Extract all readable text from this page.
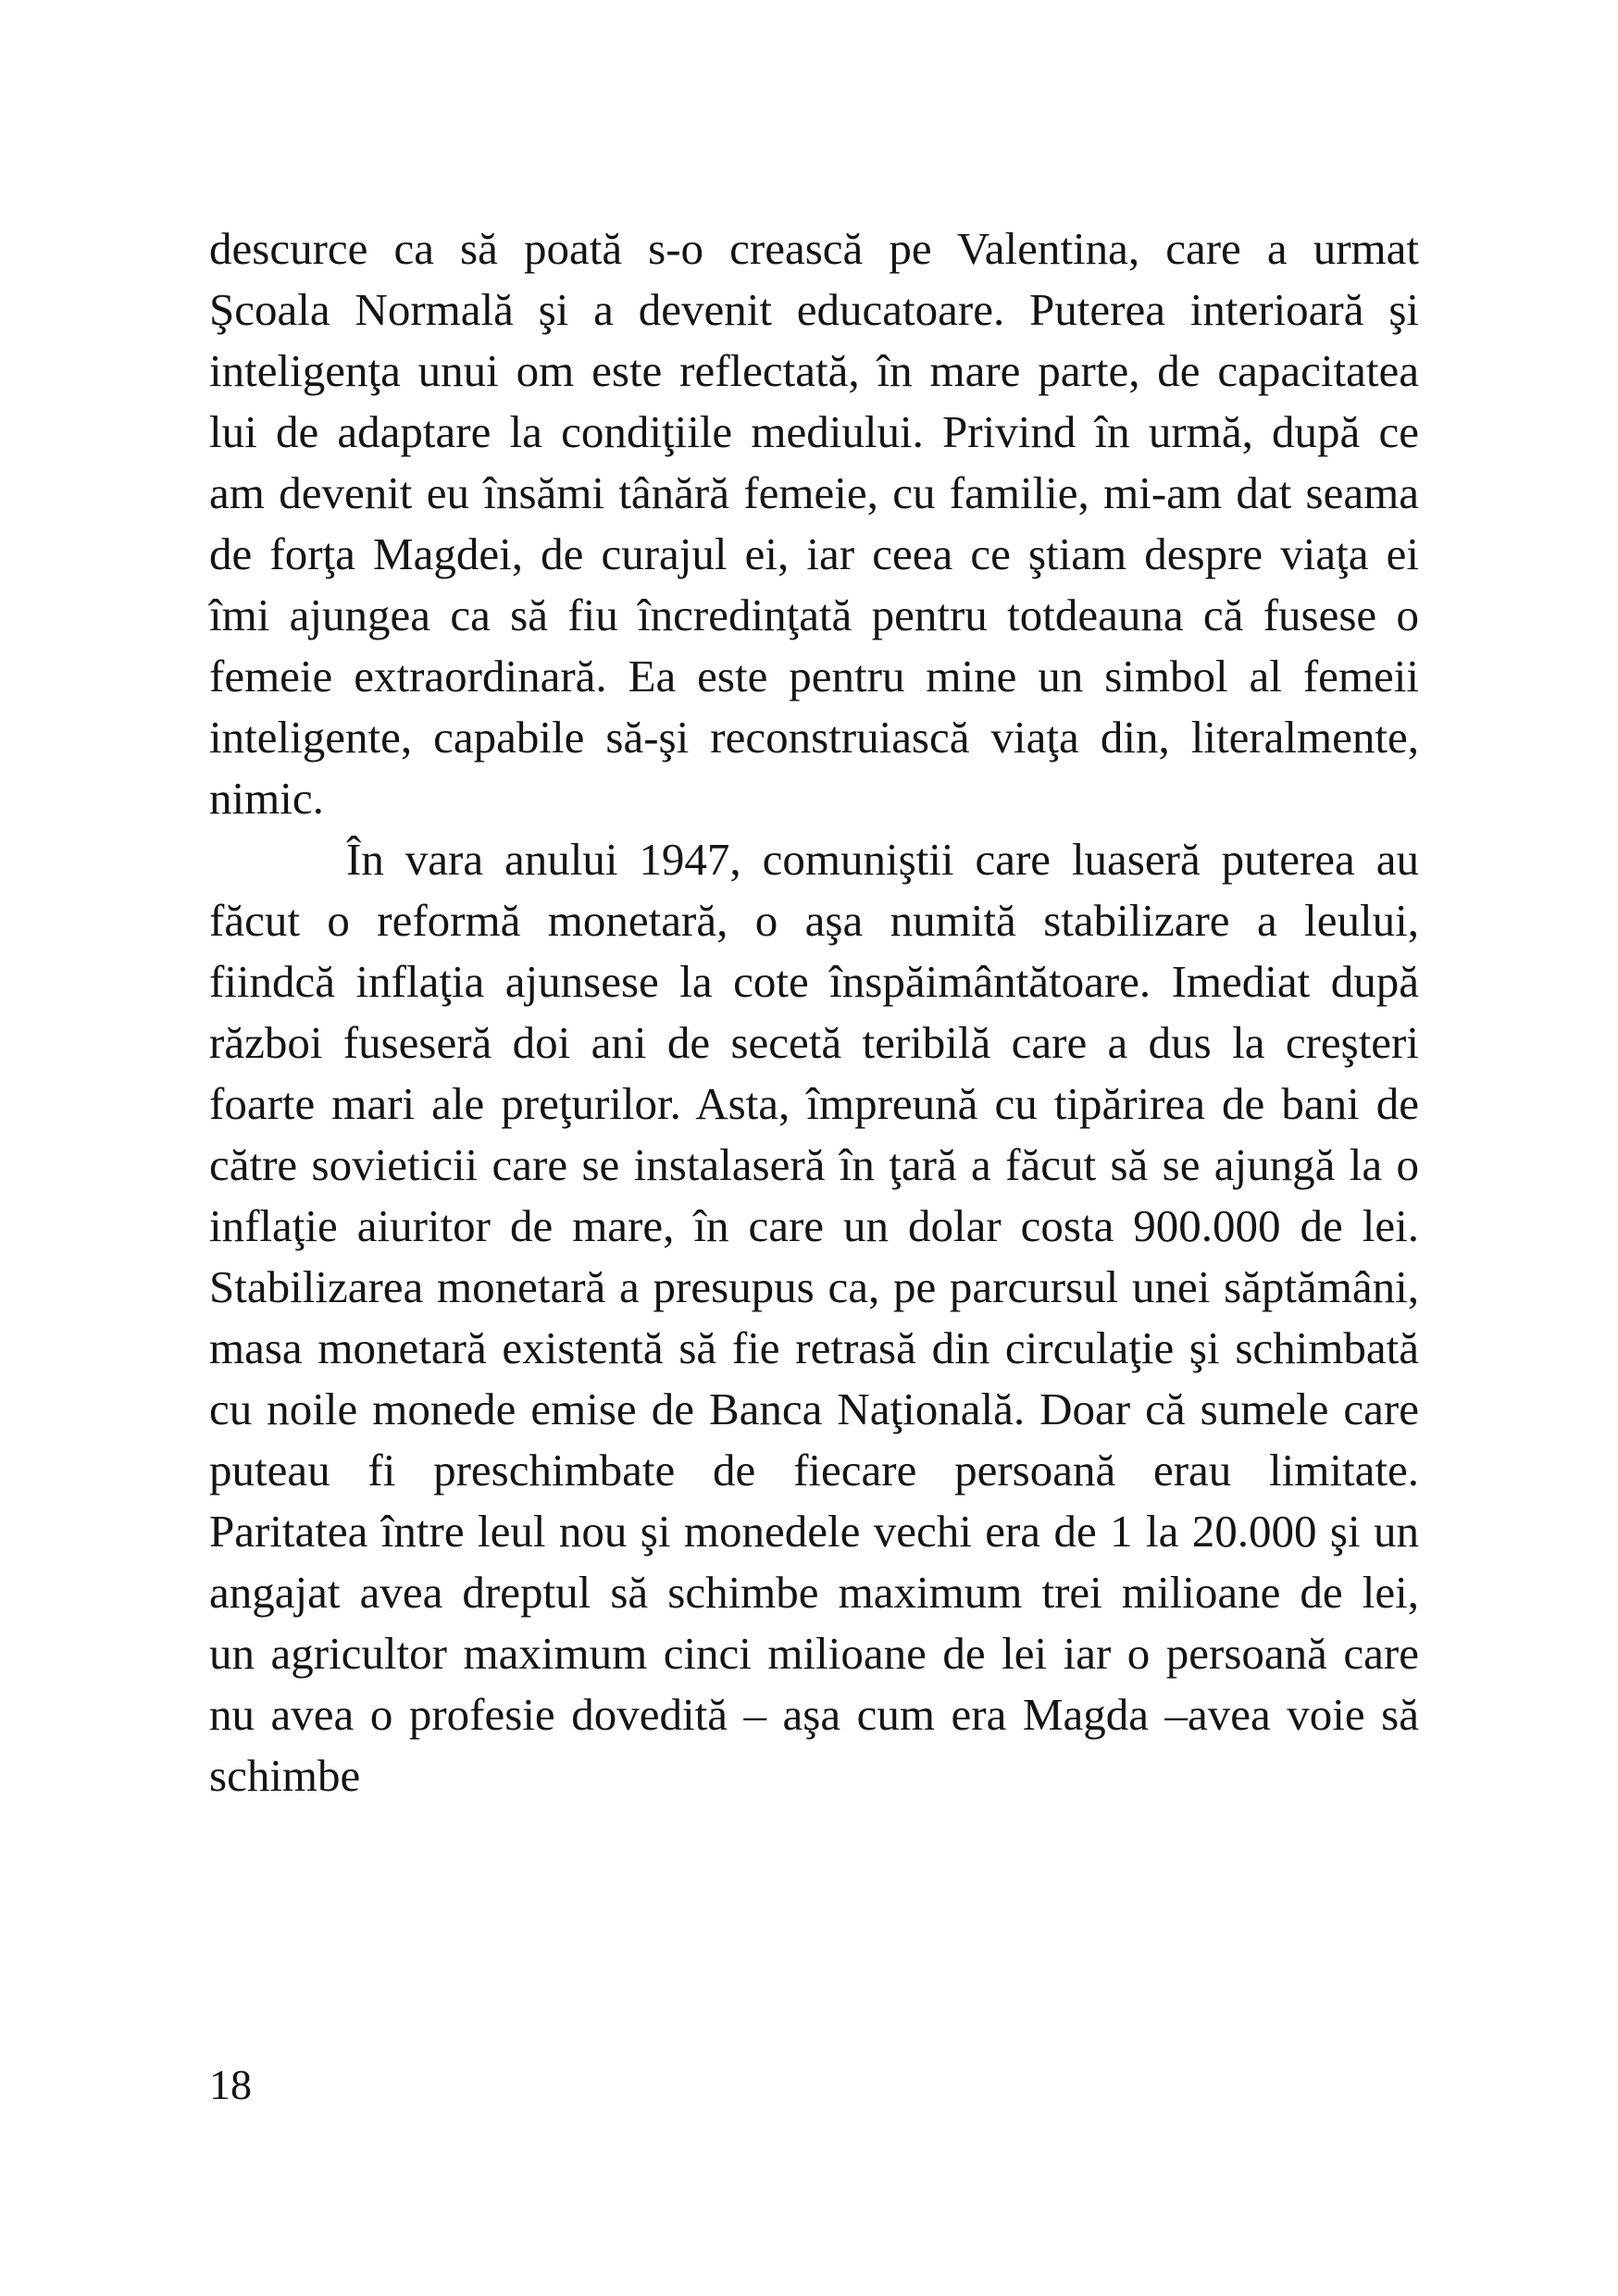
descurce ca să poată s-o crească pe Valentina, care a urmat Şcoala Normală şi a devenit educatoare. Puterea interioară şi inteligenţa unui om este reflectată, în mare parte, de capacitatea lui de adaptare la condiţiile mediului. Privind în urmă, după ce am devenit eu însămi tânără femeie, cu familie, mi-am dat seama de forţa Magdei, de curajul ei, iar ceea ce ştiam despre viaţa ei îmi ajungea ca să fiu încredinţată pentru totdeauna că fusese o femeie extraordinară. Ea este pentru mine un simbol al femeii inteligente, capabile să-şi reconstruiască viaţa din, literalmente, nimic.

În vara anului 1947, comuniştii care luaseră puterea au făcut o reformă monetară, o aşa numită stabilizare a leului, fiindcă inflaţia ajunsese la cote înspăimântătoare. Imediat după război fuseseră doi ani de secetă teribilă care a dus la creşteri foarte mari ale preţurilor. Asta, împreună cu tipărirea de bani de către sovieticii care se instalaseră în ţară a făcut să se ajungă la o inflaţie aiuritor de mare, în care un dolar costa 900.000 de lei. Stabilizarea monetară a presupus ca, pe parcursul unei săptămâni, masa monetară existentă să fie retrasă din circulaţie şi schimbată cu noile monede emise de Banca Naţională. Doar că sumele care puteau fi preschimbate de fiecare persoană erau limitate. Paritatea între leul nou şi monedele vechi era de 1 la 20.000 şi un angajat avea dreptul să schimbe maximum trei milioane de lei, un agricultor maximum cinci milioane de lei iar o persoană care nu avea o profesie dovedită – aşa cum era Magda –avea voie să schimbe

18
